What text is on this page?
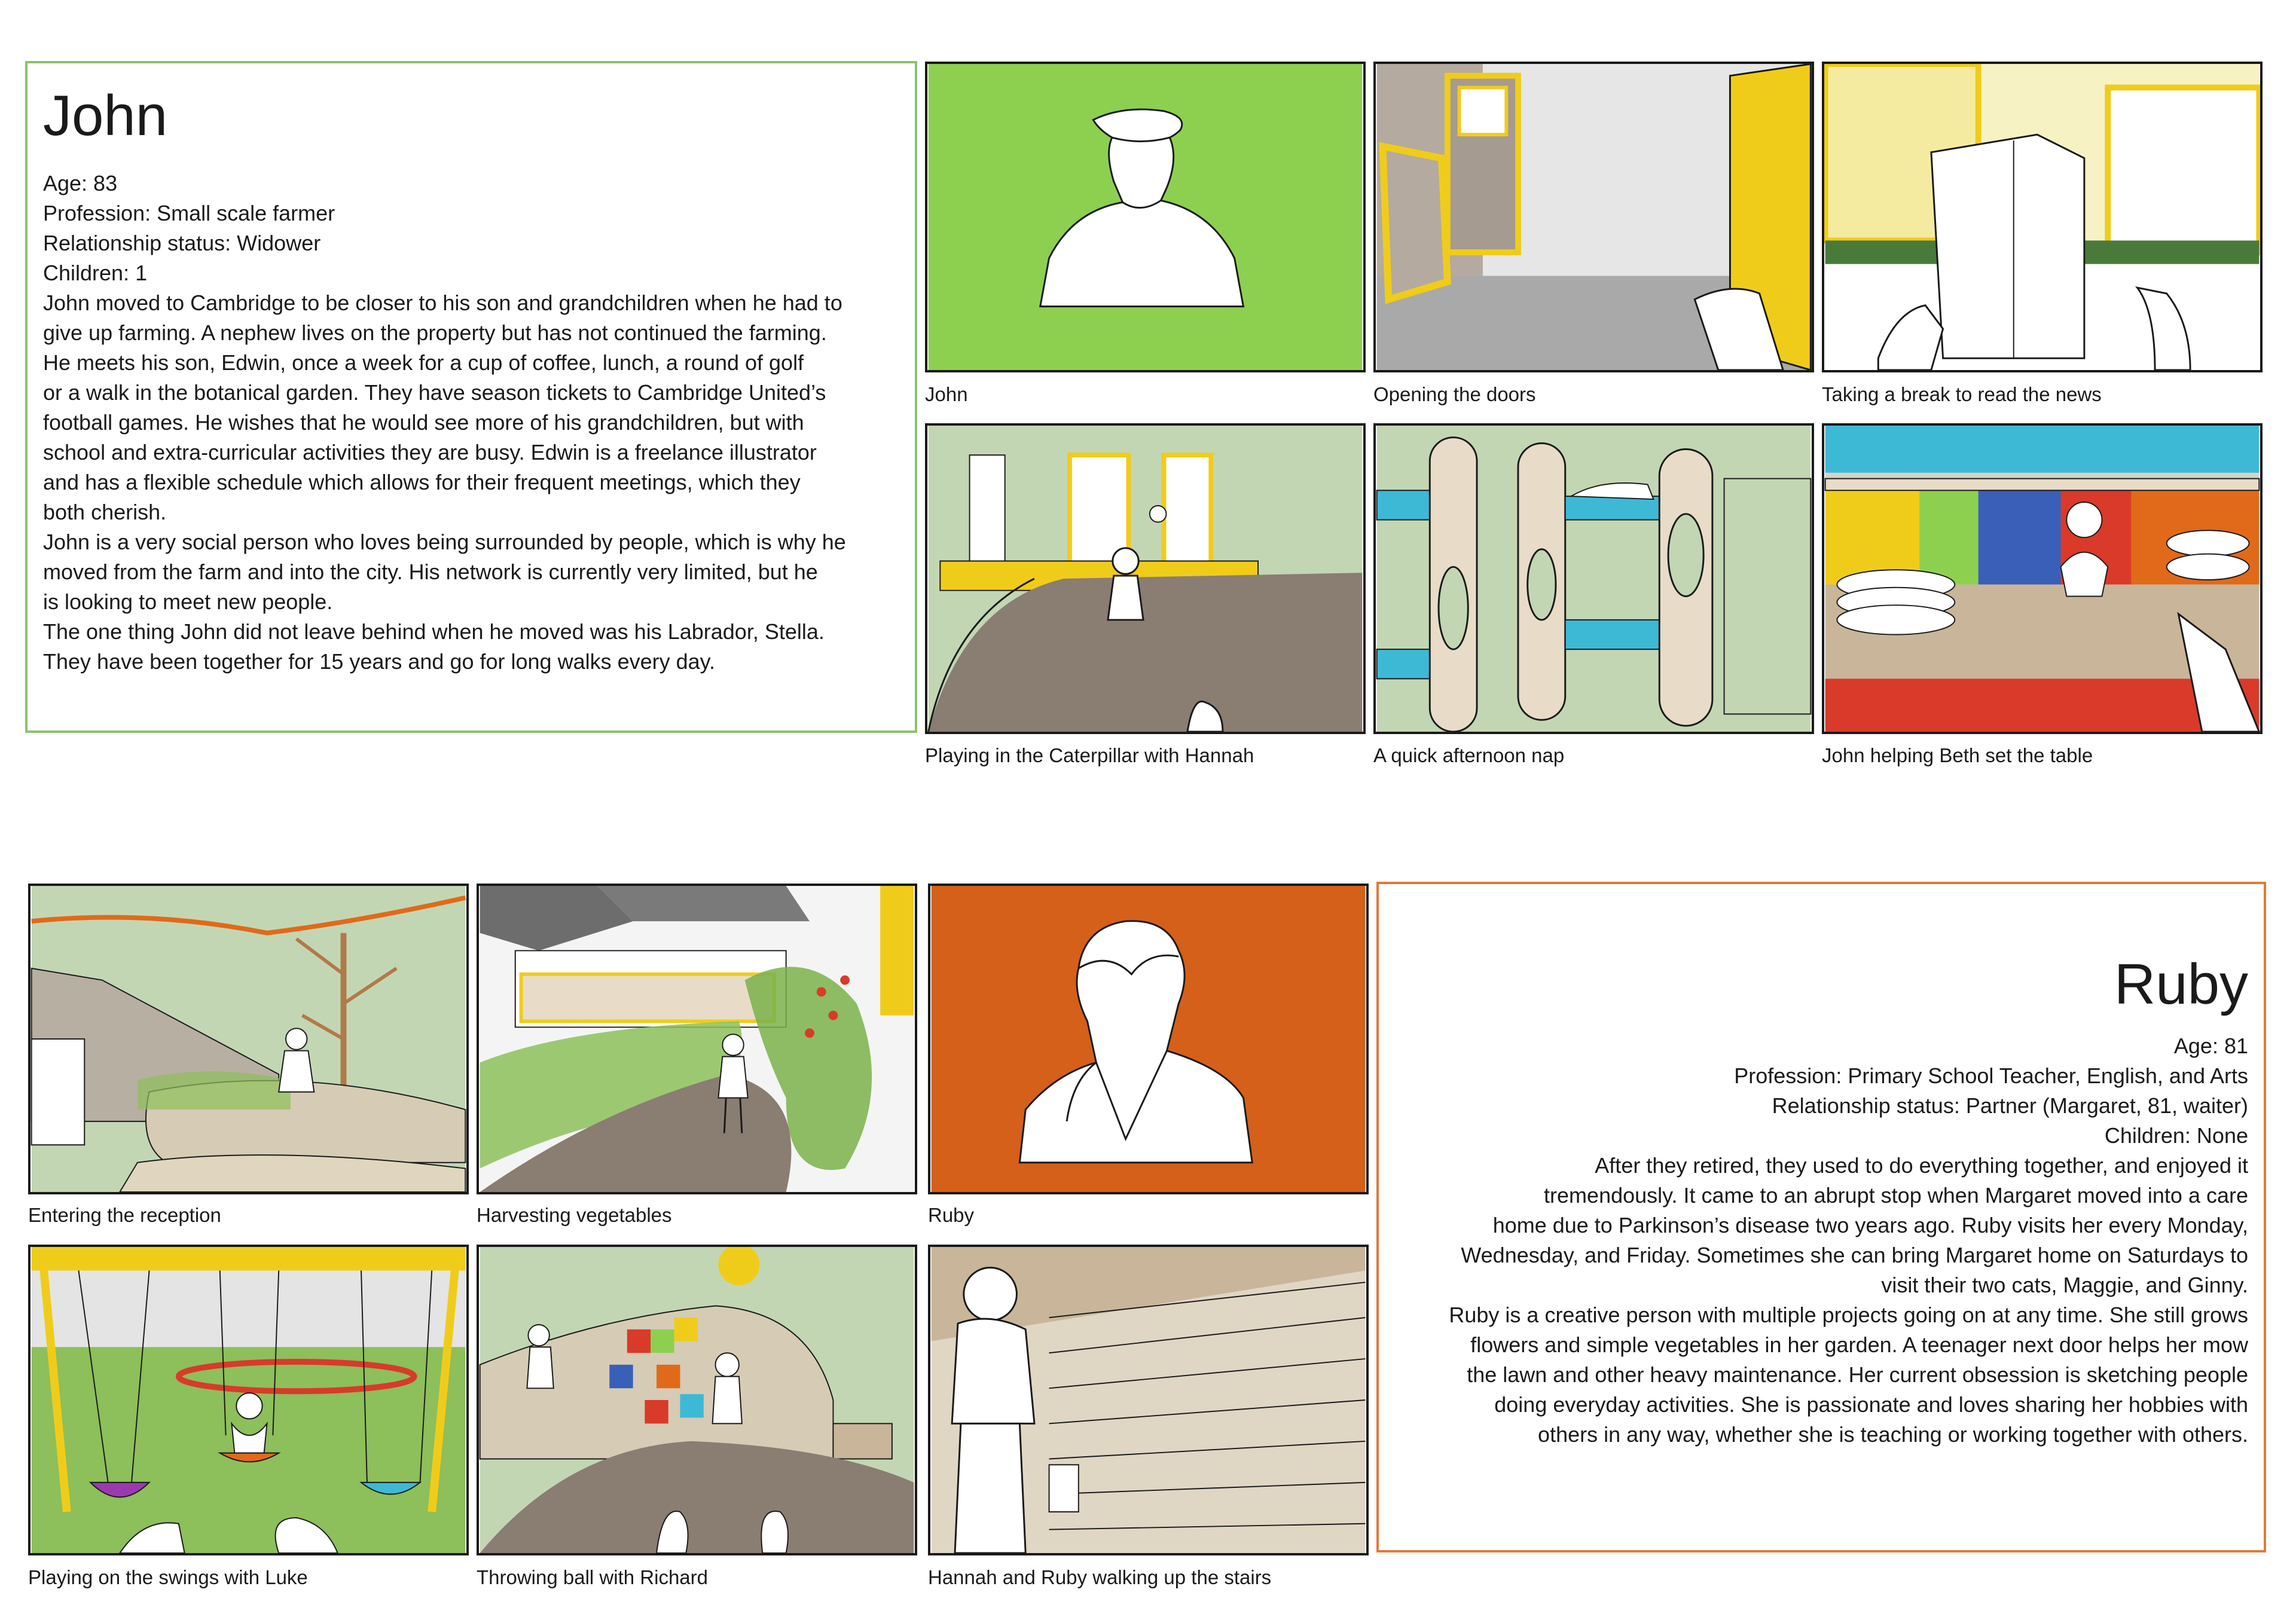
John
Age: 83
Profession: Small scale farmer
Relationship status: Widower
Children: 1
John moved to Cambridge to be closer to his son and grandchildren when he had to
give up farming. A nephew lives on the property but has not continued the farming.
He meets his son, Edwin, once a week for a cup of coffee, lunch, a round of golf
or a walk in the botanical garden. They have season tickets to Cambridge United’s
football games. He wishes that he would see more of his grandchildren, but with
school and extra-curricular activities they are busy. Edwin is a freelance illustrator
and has a flexible schedule which allows for their frequent meetings, which they
both cherish.
John is a very social person who loves being surrounded by people, which is why he
moved from the farm and into the city. His network is currently very limited, but he
is looking to meet new people.
The one thing John did not leave behind when he moved was his Labrador, Stella.
They have been together for 15 years and go for long walks every day.
John	Opening the doors	Taking a break to read the news
Playing in the Caterpillar with Hannah	A quick afternoon nap	John helping Beth set the table
Entering the reception	Harvesting vegetables	Ruby
Ruby
Age: 81
Profession: Primary School Teacher, English, and Arts
Relationship status: Partner (Margaret, 81, waiter)
Children: None
After they retired, they used to do everything together, and enjoyed it
tremendously. It came to an abrupt stop when Margaret moved into a care
home due to Parkinson’s disease two years ago. Ruby visits her every Monday,
Wednesday, and Friday. Sometimes she can bring Margaret home on Saturdays to
visit their two cats, Maggie, and Ginny.
Ruby is a creative person with multiple projects going on at any time. She still grows
flowers and simple vegetables in her garden. A teenager next door helps her mow
the lawn and other heavy maintenance. Her current obsession is sketching people
doing everyday activities. She is passionate and loves sharing her hobbies with
others in any way, whether she is teaching or working together with others.
Playing on the swings with Luke	Throwing ball with Richard	Hannah and Ruby walking up the stairs
